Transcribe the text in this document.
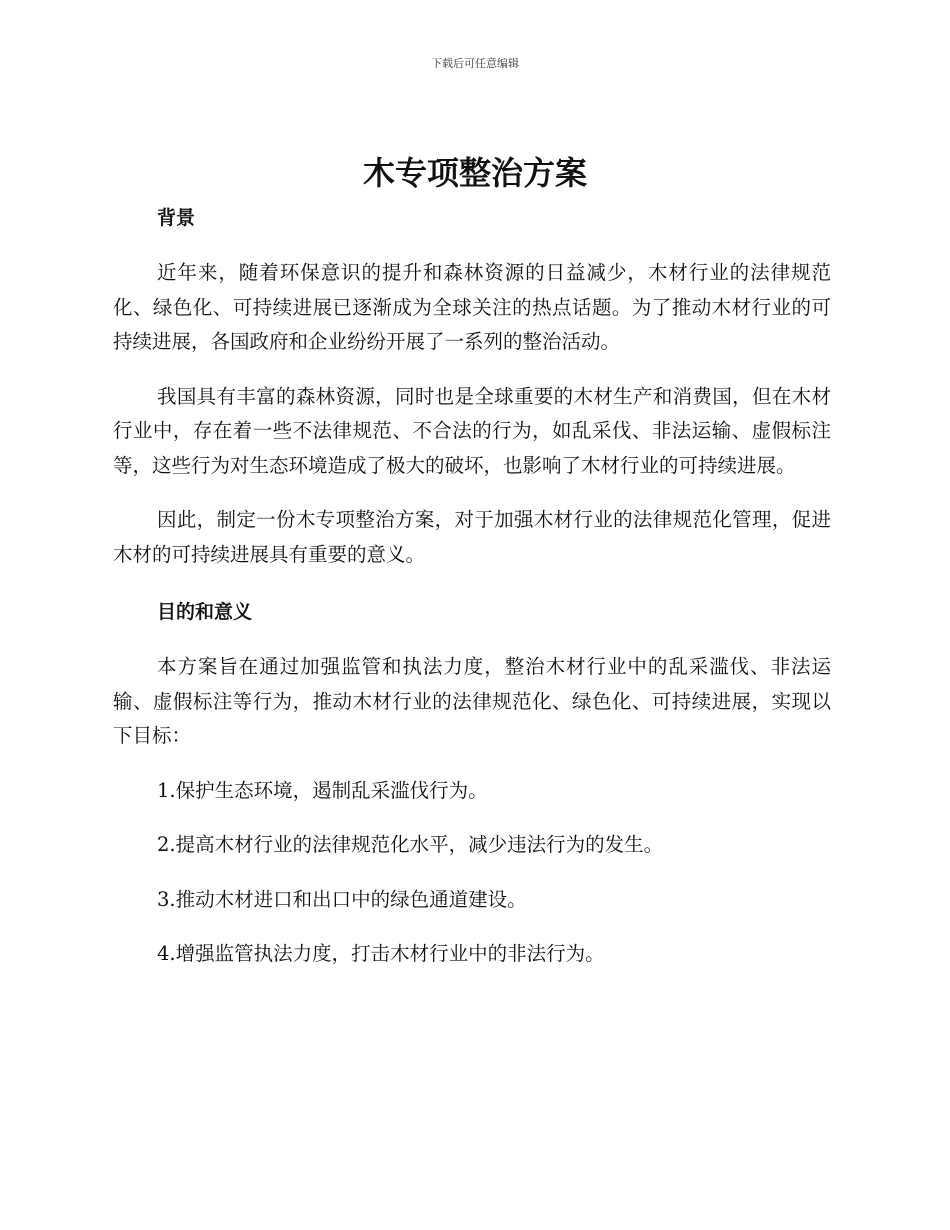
下载后可任意编辑
木专项整治方案
背景

近年来，随着环保意识的提升和森林资源的日益减少，木材行业的法律规范化、绿色化、可持续进展已逐渐成为全球关注的热点话题。为了推动木材行业的可持续进展，各国政府和企业纷纷开展了一系列的整治活动。

我国具有丰富的森林资源，同时也是全球重要的木材生产和消费国，但在木材行业中，存在着一些不法律规范、不合法的行为，如乱采伐、非法运输、虚假标注等，这些行为对生态环境造成了极大的破坏，也影响了木材行业的可持续进展。

因此，制定一份木专项整治方案，对于加强木材行业的法律规范化管理，促进木材的可持续进展具有重要的意义。

目的和意义

本方案旨在通过加强监管和执法力度，整治木材行业中的乱采滥伐、非法运输、虚假标注等行为，推动木材行业的法律规范化、绿色化、可持续进展，实现以下目标：

1.保护生态环境，遏制乱采滥伐行为。

2.提高木材行业的法律规范化水平，减少违法行为的发生。

3.推动木材进口和出口中的绿色通道建设。

4.增强监管执法力度，打击木材行业中的非法行为。
